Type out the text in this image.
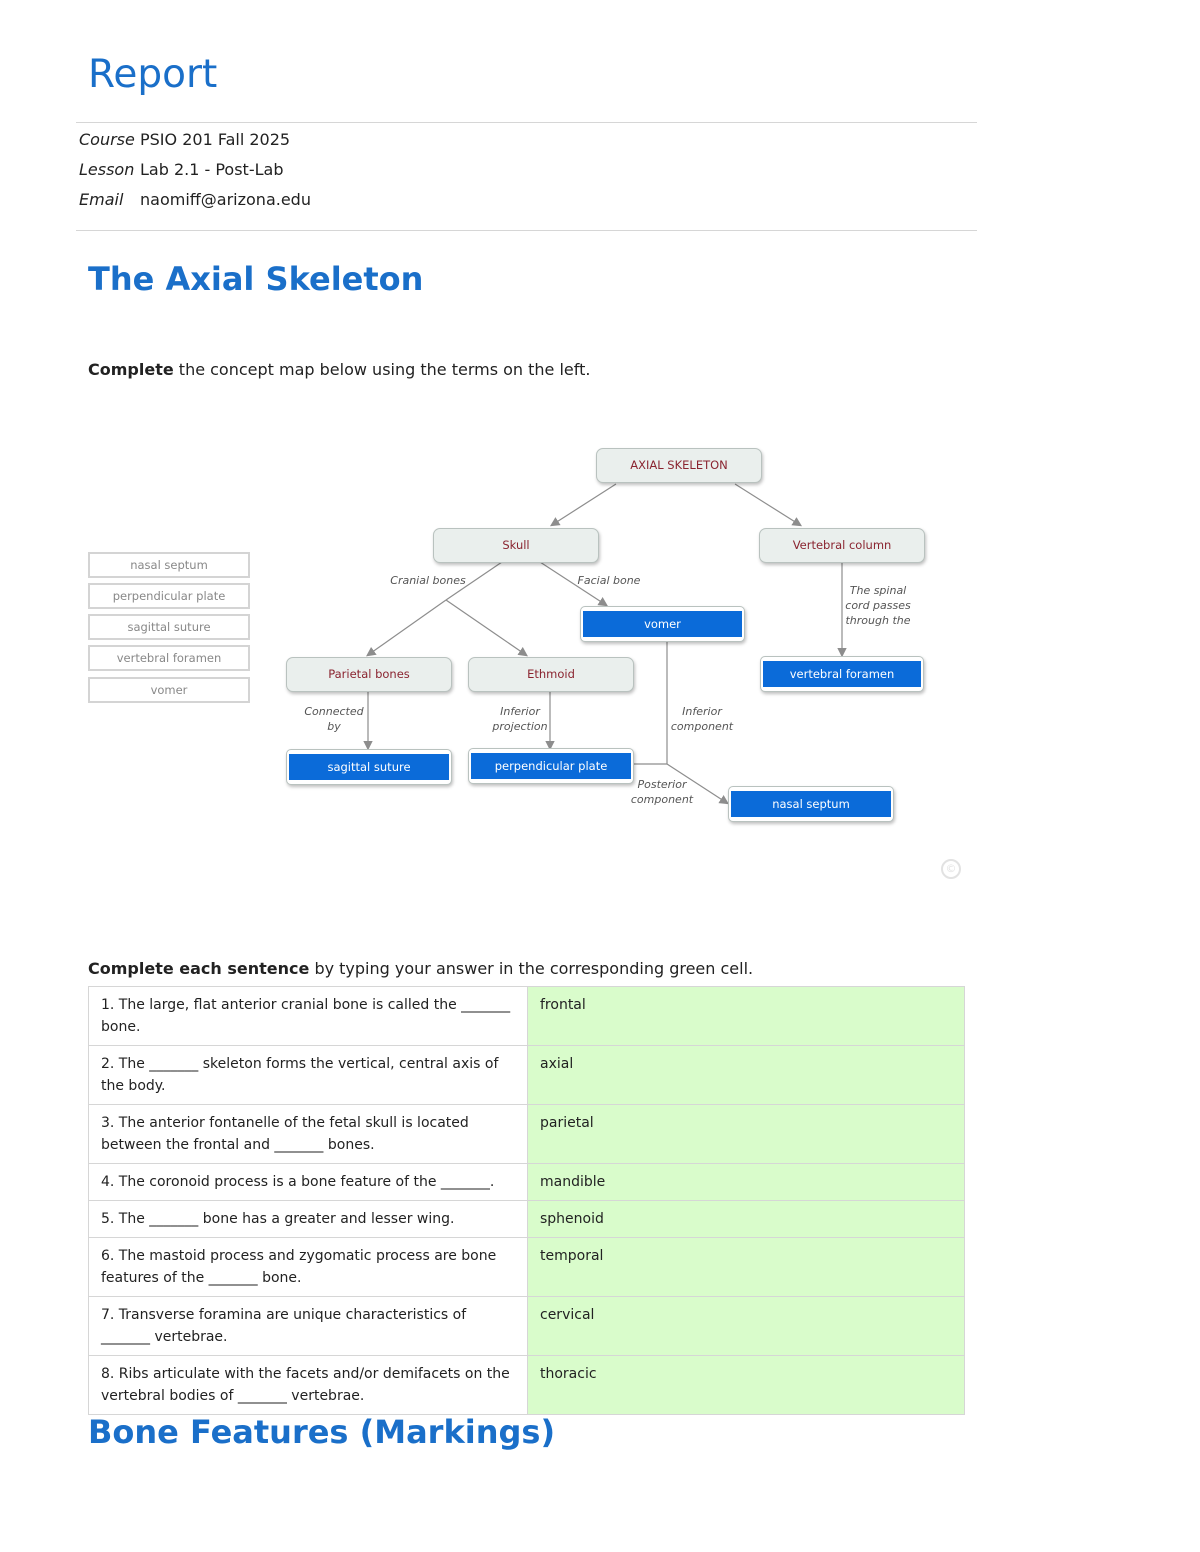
Report
Course PSIO 201 Fall 2025
Lesson Lab 2.1 - Post-Lab
Email naomiff@arizona.edu
The Axial Skeleton
Complete the concept map below using the terms on the left.
nasal septum
perpendicular plate
sagittal suture
vertebral foramen
vomer
AXIAL SKELETON
Skull	Vertebral column
Parietal bones	Ethmoid
vomer
vertebral foramen
sagittal suture	perpendicular plate
nasal septum
Cranial bones	Facial bone
The spinal
cord passes
through the
Connected
by
Inferior
projection
Inferior
component
Posterior
component
©
Complete each sentence by typing your answer in the corresponding green cell.
1. The large, flat anterior cranial bone is called the _______ bone.	frontal
2. The _______ skeleton forms the vertical, central axis of the body.	axial
3. The anterior fontanelle of the fetal skull is located between the frontal and _______ bones.	parietal
4. The coronoid process is a bone feature of the _______.	mandible
5. The _______ bone has a greater and lesser wing.	sphenoid
6. The mastoid process and zygomatic process are bone features of the _______ bone.	temporal
7. Transverse foramina are unique characteristics of _______ vertebrae.	cervical
8. Ribs articulate with the facets and/or demifacets on the vertebral bodies of _______ vertebrae.	thoracic
Bone Features (Markings)
